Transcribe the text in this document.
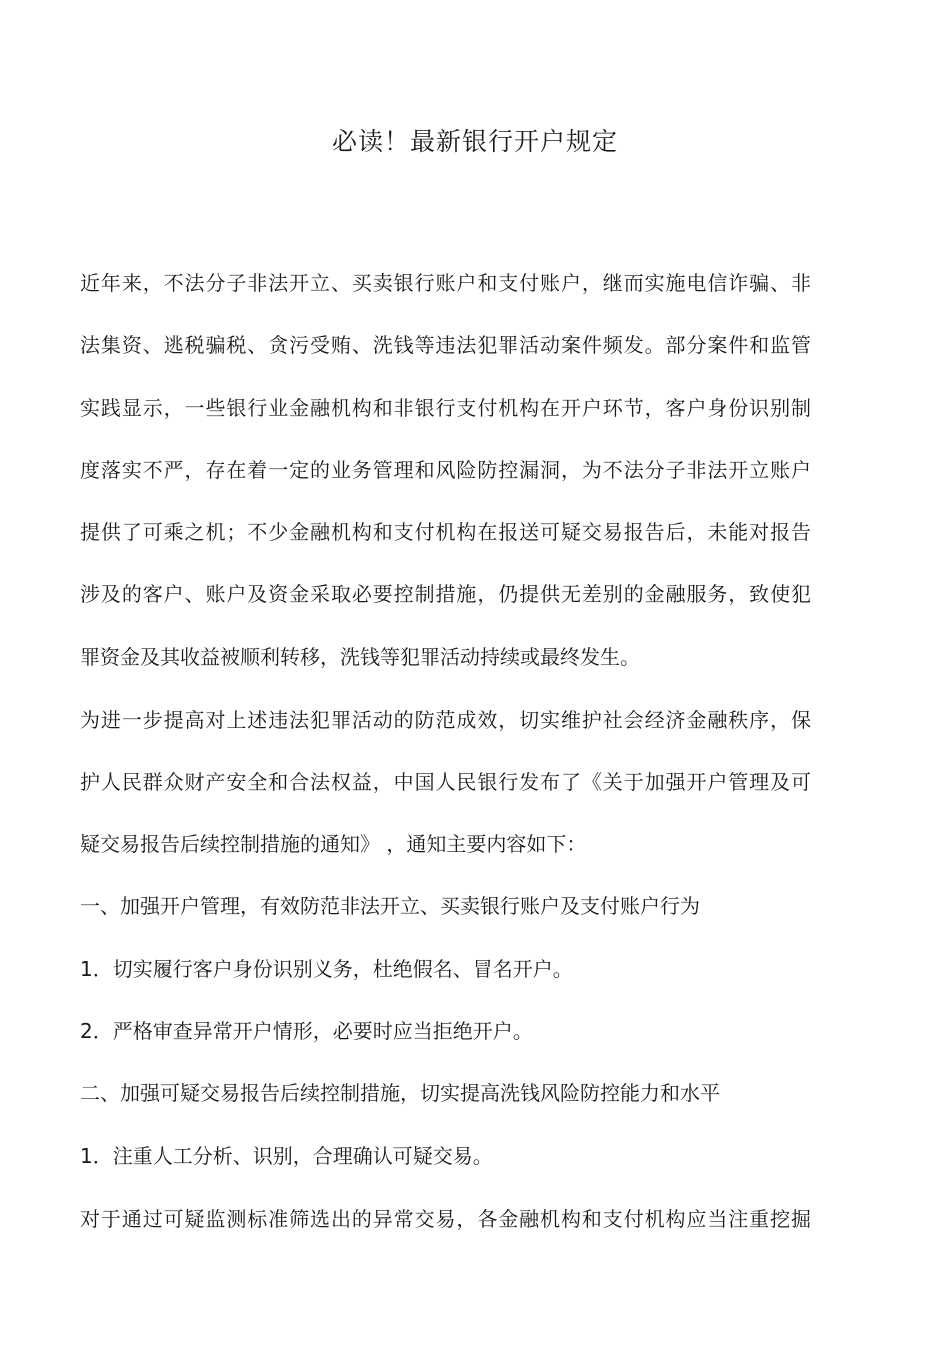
必读！最新银行开户规定

近年来，不法分子非法开立、买卖银行账户和支付账户，继而实施电信诈骗、非

法集资、逃税骗税、贪污受贿、洗钱等违法犯罪活动案件频发。部分案件和监管

实践显示，一些银行业金融机构和非银行支付机构在开户环节，客户身份识别制

度落实不严，存在着一定的业务管理和风险防控漏洞，为不法分子非法开立账户

提供了可乘之机；不少金融机构和支付机构在报送可疑交易报告后，未能对报告

涉及的客户、账户及资金采取必要控制措施，仍提供无差别的金融服务，致使犯

罪资金及其收益被顺利转移，洗钱等犯罪活动持续或最终发生。

为进一步提高对上述违法犯罪活动的防范成效，切实维护社会经济金融秩序，保

护人民群众财产安全和合法权益，中国人民银行发布了《关于加强开户管理及可

疑交易报告后续控制措施的通知》 ，通知主要内容如下：

一、加强开户管理，有效防范非法开立、买卖银行账户及支付账户行为

1．切实履行客户身份识别义务，杜绝假名、冒名开户。

2．严格审查异常开户情形，必要时应当拒绝开户。

二、加强可疑交易报告后续控制措施，切实提高洗钱风险防控能力和水平

1．注重人工分析、识别，合理确认可疑交易。

对于通过可疑监测标准筛选出的异常交易，各金融机构和支付机构应当注重挖掘
